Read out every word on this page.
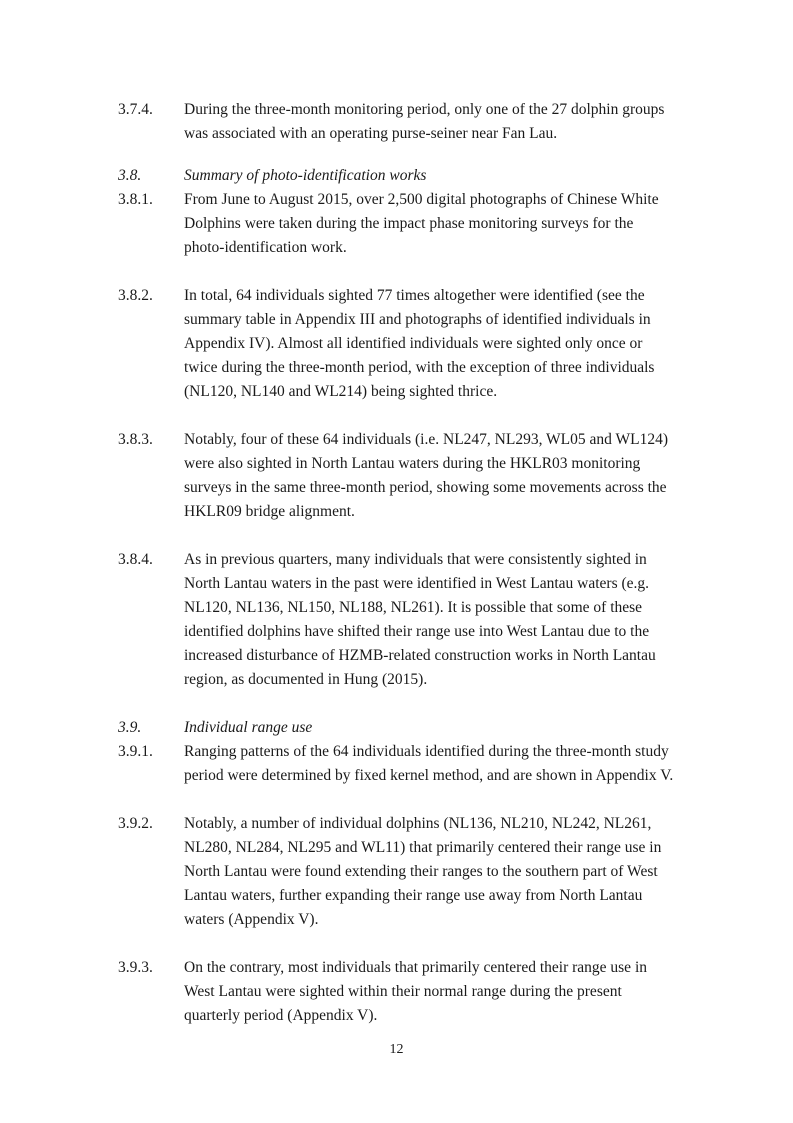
3.7.4. During the three-month monitoring period, only one of the 27 dolphin groups
was associated with an operating purse-seiner near Fan Lau.
3.8.	Summary of photo-identification works
3.8.1. From June to August 2015, over 2,500 digital photographs of Chinese White
Dolphins were taken during the impact phase monitoring surveys for the
photo-identification work.
3.8.2. In total, 64 individuals sighted 77 times altogether were identified (see the
summary table in Appendix III and photographs of identified individuals in
Appendix IV). Almost all identified individuals were sighted only once or
twice during the three-month period, with the exception of three individuals
(NL120, NL140 and WL214) being sighted thrice.
3.8.3. Notably, four of these 64 individuals (i.e. NL247, NL293, WL05 and WL124)
were also sighted in North Lantau waters during the HKLR03 monitoring
surveys in the same three-month period, showing some movements across the
HKLR09 bridge alignment.
3.8.4. As in previous quarters, many individuals that were consistently sighted in
North Lantau waters in the past were identified in West Lantau waters (e.g.
NL120, NL136, NL150, NL188, NL261). It is possible that some of these
identified dolphins have shifted their range use into West Lantau due to the
increased disturbance of HZMB-related construction works in North Lantau
region, as documented in Hung (2015).
3.9.	Individual range use
3.9.1. Ranging patterns of the 64 individuals identified during the three-month study
period were determined by fixed kernel method, and are shown in Appendix V.
3.9.2. Notably, a number of individual dolphins (NL136, NL210, NL242, NL261,
NL280, NL284, NL295 and WL11) that primarily centered their range use in
North Lantau were found extending their ranges to the southern part of West
Lantau waters, further expanding their range use away from North Lantau
waters (Appendix V).
3.9.3. On the contrary, most individuals that primarily centered their range use in
West Lantau were sighted within their normal range during the present
quarterly period (Appendix V).
12
